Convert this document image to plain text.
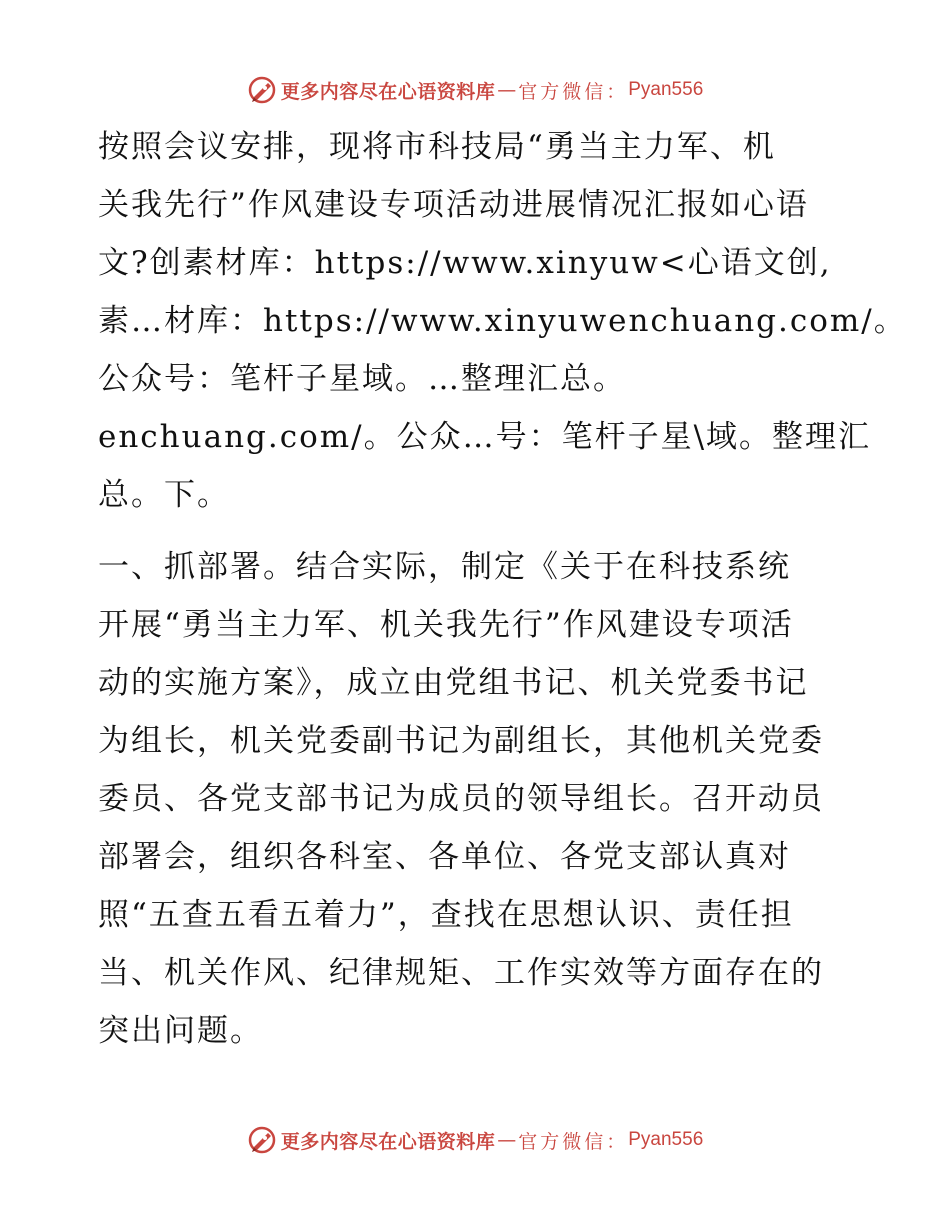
更多内容尽在心语资料库 — 官方微信： Pyan556

按照会议安排，现将市科技局“勇当主力军、机
关我先行”作风建设专项活动进展情况汇报如心语
文?创素材库：https://www.xinyuw<心语文创,
素…材库：https://www.xinyuwenchuang.com/。
公众号：笔杆子星域。…整理汇总。
enchuang.com/。公众…号：笔杆子星\域。整理汇
总。下。

一、抓部署。结合实际，制定《关于在科技系统
开展“勇当主力军、机关我先行”作风建设专项活
动的实施方案》，成立由党组书记、机关党委书记
为组长，机关党委副书记为副组长，其他机关党委
委员、各党支部书记为成员的领导组长。召开动员
部署会，组织各科室、各单位、各党支部认真对
照“五查五看五着力”，查找在思想认识、责任担
当、机关作风、纪律规矩、工作实效等方面存在的
突出问题。

更多内容尽在心语资料库 — 官方微信： Pyan556
